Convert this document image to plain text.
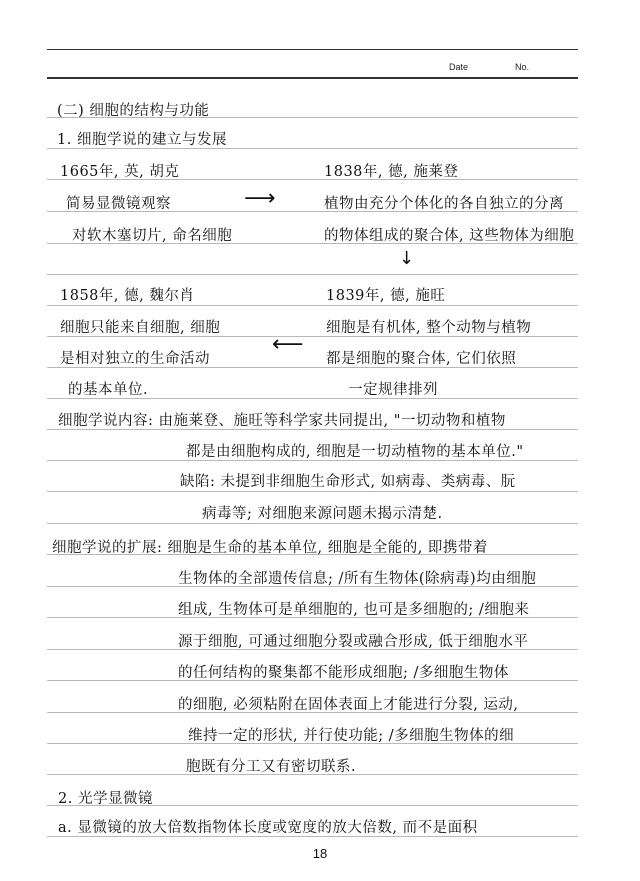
Date	No.
(二) 细胞的结构与功能
1. 细胞学说的建立与发展
1665年, 英, 胡克
简易显微镜观察
对软木塞切片, 命名细胞
1838年, 德, 施莱登
植物由充分个体化的各自独立的分离
的物体组成的聚合体, 这些物体为细胞
⟶
↓
⟵
1858年, 德, 魏尔肖
细胞只能来自细胞, 细胞
是相对独立的生命活动
的基本单位.
1839年, 德, 施旺
细胞是有机体, 整个动物与植物
都是细胞的聚合体, 它们依照
一定规律排列
细胞学说内容: 由施莱登、施旺等科学家共同提出, "一切动物和植物
都是由细胞构成的, 细胞是一切动植物的基本单位."
缺陷: 未提到非细胞生命形式, 如病毒、类病毒、朊
病毒等; 对细胞来源问题未揭示清楚.
细胞学说的扩展: 细胞是生命的基本单位, 细胞是全能的, 即携带着
生物体的全部遗传信息; /所有生物体(除病毒)均由细胞
组成, 生物体可是单细胞的, 也可是多细胞的; /细胞来
源于细胞, 可通过细胞分裂或融合形成, 低于细胞水平
的任何结构的聚集都不能形成细胞; /多细胞生物体
的细胞, 必须粘附在固体表面上才能进行分裂, 运动,
维持一定的形状, 并行使功能; /多细胞生物体的细
胞既有分工又有密切联系.
2. 光学显微镜
a. 显微镜的放大倍数指物体长度或宽度的放大倍数, 而不是面积
18
